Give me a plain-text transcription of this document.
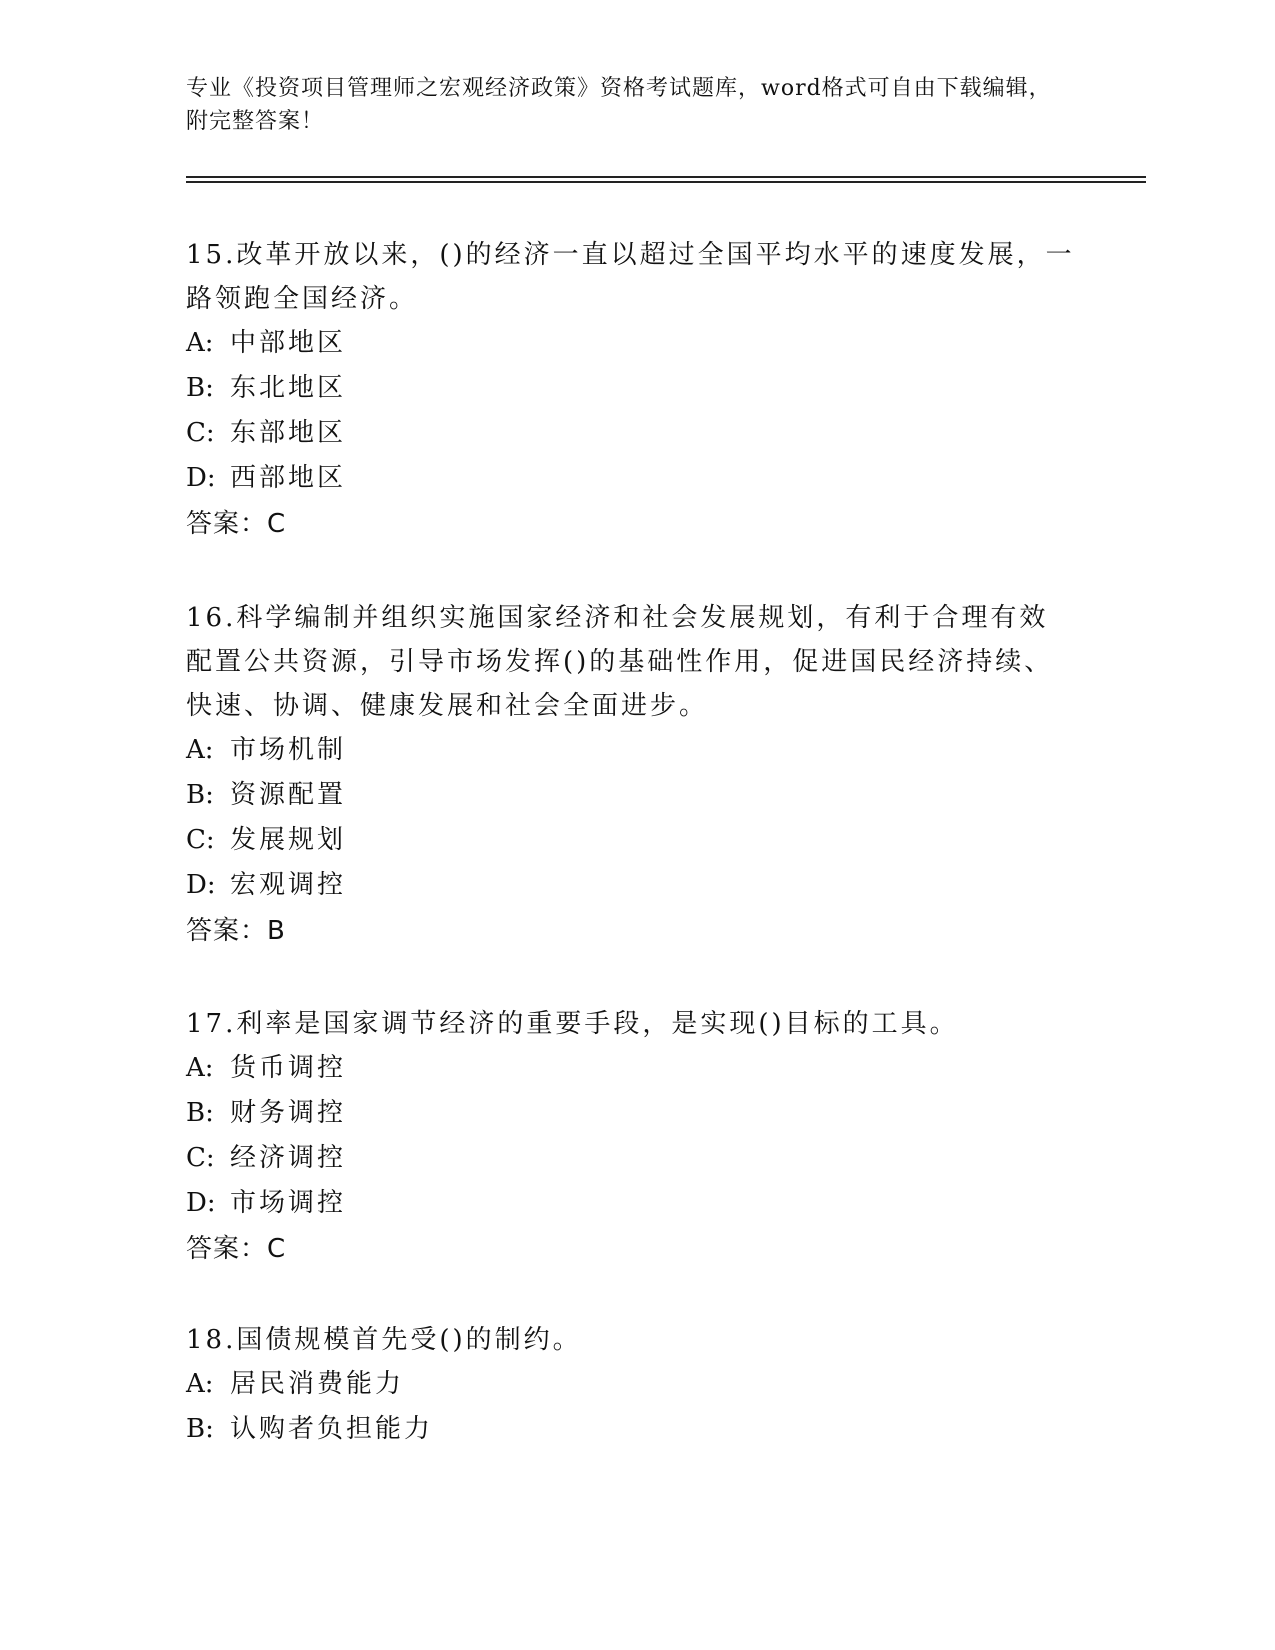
专业《投资项目管理师之宏观经济政策》资格考试题库，word格式可自由下载编辑，附完整答案！

15.改革开放以来，()的经济一直以超过全国平均水平的速度发展，一路领跑全国经济。

A: 中部地区

B: 东北地区

C: 东部地区

D: 西部地区

答案：C

16.科学编制并组织实施国家经济和社会发展规划，有利于合理有效配置公共资源，引导市场发挥()的基础性作用，促进国民经济持续、快速、协调、健康发展和社会全面进步。

A: 市场机制

B: 资源配置

C: 发展规划

D: 宏观调控

答案：B

17.利率是国家调节经济的重要手段，是实现()目标的工具。

A: 货币调控

B: 财务调控

C: 经济调控

D: 市场调控

答案：C

18.国债规模首先受()的制约。

A: 居民消费能力

B: 认购者负担能力
